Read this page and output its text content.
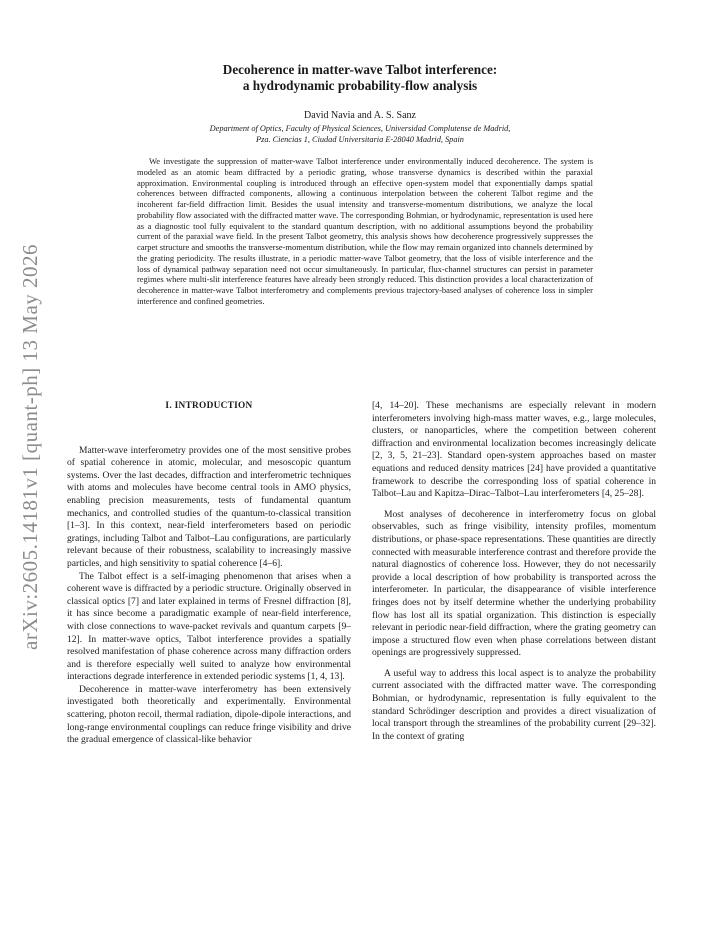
arXiv:2605.14181v1 [quant-ph] 13 May 2026
Decoherence in matter-wave Talbot interference:
a hydrodynamic probability-flow analysis
David Navia and A. S. Sanz
Department of Optics, Faculty of Physical Sciences, Universidad Complutense de Madrid,
Pza. Ciencias 1, Ciudad Universitaria E-28040 Madrid, Spain
We investigate the suppression of matter-wave Talbot interference under environmentally induced decoherence. The system is modeled as an atomic beam diffracted by a periodic grating, whose transverse dynamics is described within the paraxial approximation. Environmental coupling is introduced through an effective open-system model that exponentially damps spatial coherences between diffracted components, allowing a continuous interpolation between the coherent Talbot regime and the incoherent far-field diffraction limit. Besides the usual intensity and transverse-momentum distributions, we analyze the local probability flow associated with the diffracted matter wave. The corresponding Bohmian, or hydrodynamic, representation is used here as a diagnostic tool fully equivalent to the standard quantum description, with no additional assumptions beyond the probability current of the paraxial wave field. In the present Talbot geometry, this analysis shows how decoherence progressively suppresses the carpet structure and smooths the transverse-momentum distribution, while the flow may remain organized into channels determined by the grating periodicity. The results illustrate, in a periodic matter-wave Talbot geometry, that the loss of visible interference and the loss of dynamical pathway separation need not occur simultaneously. In particular, flux-channel structures can persist in parameter regimes where multi-slit interference features have already been strongly reduced. This distinction provides a local characterization of decoherence in matter-wave Talbot interferometry and complements previous trajectory-based analyses of coherence loss in simpler interference and confined geometries.
I. INTRODUCTION

Matter-wave interferometry provides one of the most sensitive probes of spatial coherence in atomic, molecular, and mesoscopic quantum systems. Over the last decades, diffraction and interferometric techniques with atoms and molecules have become central tools in AMO physics, enabling precision measurements, tests of fundamental quantum mechanics, and controlled studies of the quantum-to-classical transition [1–3]. In this context, near-field interferometers based on periodic gratings, including Talbot and Talbot–Lau configurations, are particularly relevant because of their robustness, scalability to increasingly massive particles, and high sensitivity to spatial coherence [4–6].

The Talbot effect is a self-imaging phenomenon that arises when a coherent wave is diffracted by a periodic structure. Originally observed in classical optics [7] and later explained in terms of Fresnel diffraction [8], it has since become a paradigmatic example of near-field interference, with close connections to wave-packet revivals and quantum carpets [9–12]. In matter-wave optics, Talbot interference provides a spatially resolved manifestation of phase coherence across many diffraction orders and is therefore especially well suited to analyze how environmental interactions degrade interference in extended periodic systems [1, 4, 13].

Decoherence in matter-wave interferometry has been extensively investigated both theoretically and experimentally. Environmental scattering, photon recoil, thermal radiation, dipole-dipole interactions, and long-range environmental couplings can reduce fringe visibility and drive the gradual emergence of classical-like behavior

[4, 14–20]. These mechanisms are especially relevant in modern interferometers involving high-mass matter waves, e.g., large molecules, clusters, or nanoparticles, where the competition between coherent diffraction and environmental localization becomes increasingly delicate [2, 3, 5, 21–23]. Standard open-system approaches based on master equations and reduced density matrices [24] have provided a quantitative framework to describe the corresponding loss of spatial coherence in Talbot–Lau and Kapitza–Dirac–Talbot–Lau interferometers [4, 25–28].

Most analyses of decoherence in interferometry focus on global observables, such as fringe visibility, intensity profiles, momentum distributions, or phase-space representations. These quantities are directly connected with measurable interference contrast and therefore provide the natural diagnostics of coherence loss. However, they do not necessarily provide a local description of how probability is transported across the interferometer. In particular, the disappearance of visible interference fringes does not by itself determine whether the underlying probability flow has lost all its spatial organization. This distinction is especially relevant in periodic near-field diffraction, where the grating geometry can impose a structured flow even when phase correlations between distant openings are progressively suppressed.

A useful way to address this local aspect is to analyze the probability current associated with the diffracted matter wave. The corresponding Bohmian, or hydrodynamic, representation is fully equivalent to the standard Schrödinger description and provides a direct visualization of local transport through the streamlines of the probability current [29–32]. In the context of grating
